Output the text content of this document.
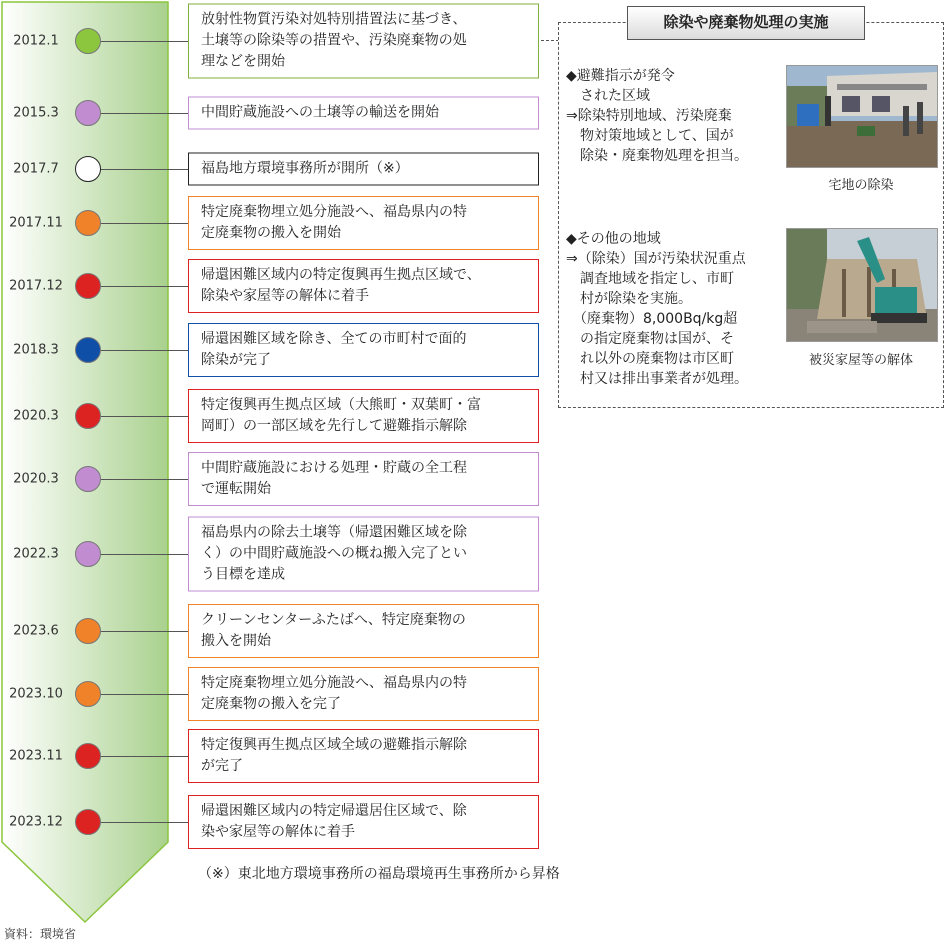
2012.1
放射性物質汚染対処特別措置法に基づき、
土壌等の除染等の措置や、汚染廃棄物の処
理などを開始
2015.3	中間貯蔵施設への土壌等の輸送を開始
2017.7	福島地方環境事務所が開所（※）
2017.11
特定廃棄物埋立処分施設へ、福島県内の特
定廃棄物の搬入を開始
2017.12
帰還困難区域内の特定復興再生拠点区域で、
除染や家屋等の解体に着手
2018.3
帰還困難区域を除き、全ての市町村で面的
除染が完了
2020.3
特定復興再生拠点区域（大熊町・双葉町・富
岡町）の一部区域を先行して避難指示解除
2020.3
中間貯蔵施設における処理・貯蔵の全工程
で運転開始
2022.3
福島県内の除去土壌等（帰還困難区域を除
く）の中間貯蔵施設への概ね搬入完了とい
う目標を達成
2023.6
クリーンセンターふたばへ、特定廃棄物の
搬入を開始
2023.10
特定廃棄物埋立処分施設へ、福島県内の特
定廃棄物の搬入を完了
2023.11
特定復興再生拠点区域全域の避難指示解除
が完了
2023.12
帰還困難区域内の特定帰還居住区域で、除
染や家屋等の解体に着手
除染や廃棄物処理の実施
◆避難指示が発令
　された区域
⇒除染特別地域、汚染廃棄
　物対策地域として、国が
　除染・廃棄物処理を担当。
宅地の除染
◆その他の地域
⇒（除染）国が汚染状況重点
　調査地域を指定し、市町
　村が除染を実施。
　（廃棄物）8,000Bq/kg超
　の指定廃棄物は国が、そ
　れ以外の廃棄物は市区町
　村又は排出事業者が処理。
被災家屋等の解体
（※）東北地方環境事務所の福島環境再生事務所から昇格
資料：環境省
